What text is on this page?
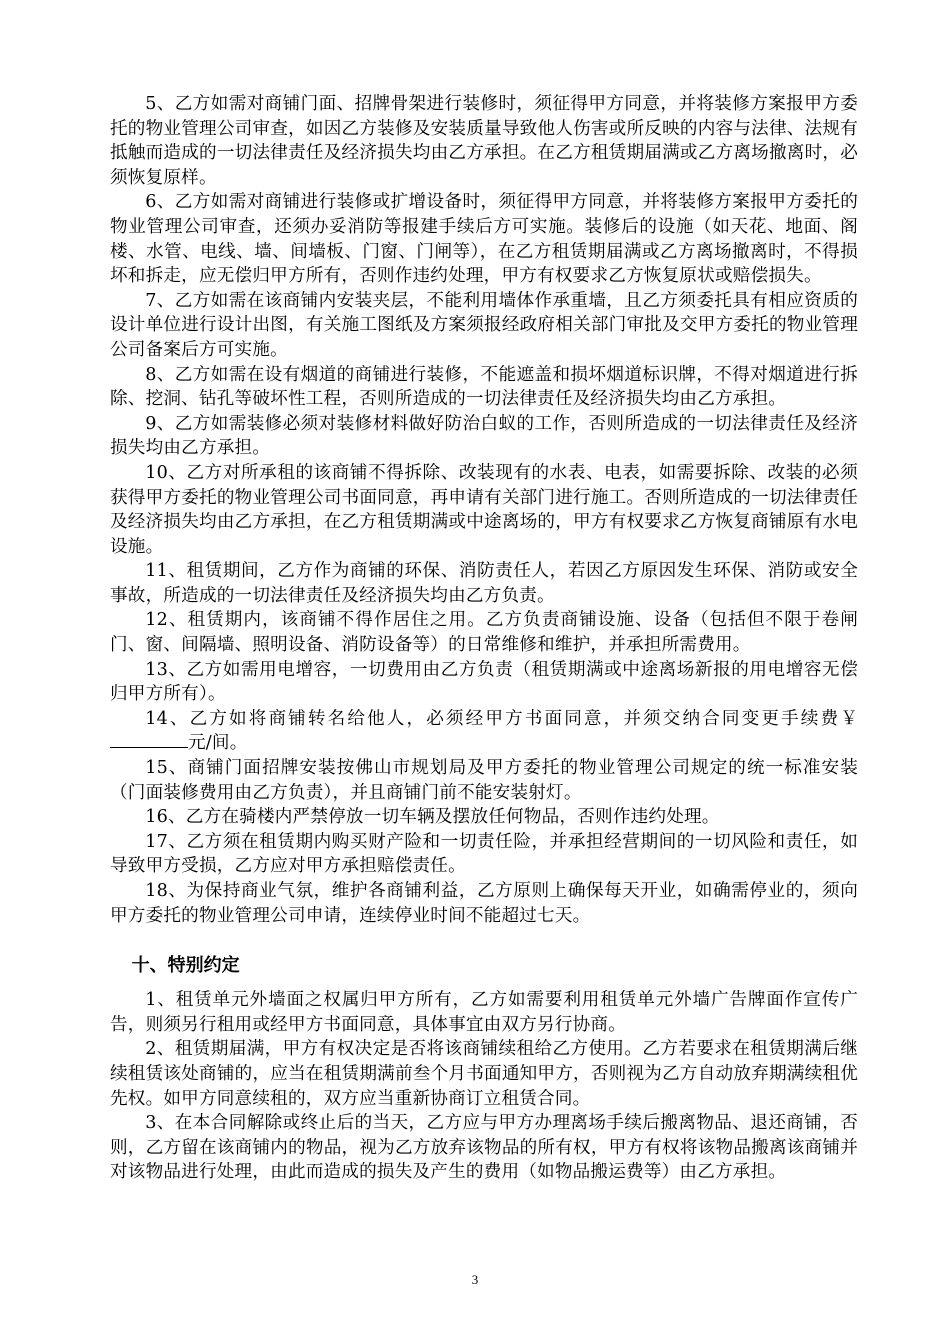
5、乙方如需对商铺门面、招牌骨架进行装修时，须征得甲方同意，并将装修方案报甲方委托的物业管理公司审查，如因乙方装修及安装质量导致他人伤害或所反映的内容与法律、法规有抵触而造成的一切法律责任及经济损失均由乙方承担。在乙方租赁期届满或乙方离场撤离时，必须恢复原样。

6、乙方如需对商铺进行装修或扩增设备时，须征得甲方同意，并将装修方案报甲方委托的物业管理公司审查，还须办妥消防等报建手续后方可实施。装修后的设施（如天花、地面、阁楼、水管、电线、墙、间墙板、门窗、门闸等），在乙方租赁期届满或乙方离场撤离时，不得损坏和拆走，应无偿归甲方所有，否则作违约处理，甲方有权要求乙方恢复原状或赔偿损失。

7、乙方如需在该商铺内安装夹层，不能利用墙体作承重墙，且乙方须委托具有相应资质的设计单位进行设计出图，有关施工图纸及方案须报经政府相关部门审批及交甲方委托的物业管理公司备案后方可实施。

8、乙方如需在设有烟道的商铺进行装修，不能遮盖和损坏烟道标识牌，不得对烟道进行拆除、挖洞、钻孔等破坏性工程，否则所造成的一切法律责任及经济损失均由乙方承担。

9、乙方如需装修必须对装修材料做好防治白蚁的工作，否则所造成的一切法律责任及经济损失均由乙方承担。

10、乙方对所承租的该商铺不得拆除、改装现有的水表、电表，如需要拆除、改装的必须获得甲方委托的物业管理公司书面同意，再申请有关部门进行施工。否则所造成的一切法律责任及经济损失均由乙方承担，在乙方租赁期满或中途离场的，甲方有权要求乙方恢复商铺原有水电设施。

11、租赁期间，乙方作为商铺的环保、消防责任人，若因乙方原因发生环保、消防或安全事故，所造成的一切法律责任及经济损失均由乙方负责。

12、租赁期内，该商铺不得作居住之用。乙方负责商铺设施、设备（包括但不限于卷闸门、窗、间隔墙、照明设备、消防设备等）的日常维修和维护，并承担所需费用。

13、乙方如需用电增容，一切费用由乙方负责（租赁期满或中途离场新报的用电增容无偿归甲方所有）。

14、乙方如将商铺转名给他人，必须经甲方书面同意，并须交纳合同变更手续费￥元/间。

15、商铺门面招牌安装按佛山市规划局及甲方委托的物业管理公司规定的统一标准安装（门面装修费用由乙方负责），并且商铺门前不能安装射灯。

16、乙方在骑楼内严禁停放一切车辆及摆放任何物品，否则作违约处理。

17、乙方须在租赁期内购买财产险和一切责任险，并承担经营期间的一切风险和责任，如导致甲方受损，乙方应对甲方承担赔偿责任。

18、为保持商业气氛，维护各商铺利益，乙方原则上确保每天开业，如确需停业的，须向甲方委托的物业管理公司申请，连续停业时间不能超过七天。

十、特别约定

1、租赁单元外墙面之权属归甲方所有，乙方如需要利用租赁单元外墙广告牌面作宣传广告，则须另行租用或经甲方书面同意，具体事宜由双方另行协商。

2、租赁期届满，甲方有权决定是否将该商铺续租给乙方使用。乙方若要求在租赁期满后继续租赁该处商铺的，应当在租赁期满前叁个月书面通知甲方，否则视为乙方自动放弃期满续租优先权。如甲方同意续租的，双方应当重新协商订立租赁合同。

3、在本合同解除或终止后的当天，乙方应与甲方办理离场手续后搬离物品、退还商铺，否则，乙方留在该商铺内的物品，视为乙方放弃该物品的所有权，甲方有权将该物品搬离该商铺并对该物品进行处理，由此而造成的损失及产生的费用（如物品搬运费等）由乙方承担。

3
